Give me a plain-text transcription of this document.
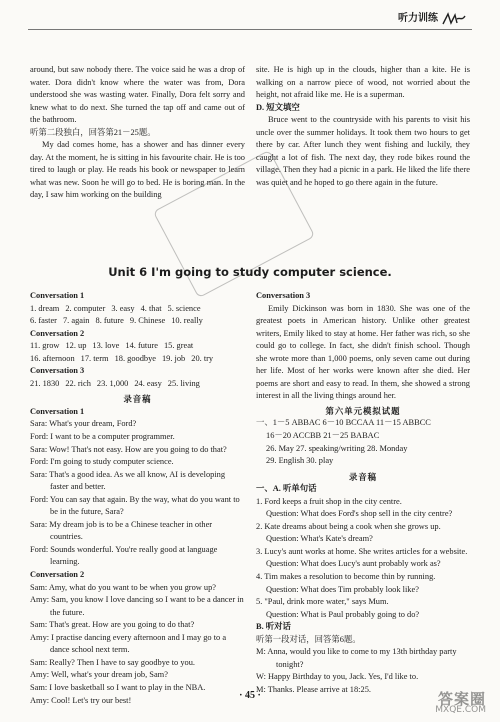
听力训练

around, but saw nobody there. The voice said he was a drop of water. Dora didn't know where the water was from, Dora understood she was wasting water. Finally, Dora felt sorry and knew what to do next. She turned the tap off and came out of the bathroom.

听第二段独白，回答第21－25题。

My dad comes home, has a shower and has dinner every day. At the moment, he is sitting in his favourite chair. He is too tired to laugh or play. He reads his book or newspaper to learn what was new. Soon he will go to bed. He is boring man. In the day, I saw him working on the building

site. He is high up in the clouds, higher than a kite. He is walking on a narrow piece of wood, not worried about the height, not afraid like me. He is a superman.

D. 短文填空

Bruce went to the countryside with his parents to visit his uncle over the summer holidays. It took them two hours to get there by car. After lunch they went fishing and luckily, they caught a lot of fish. The next day, they rode bikes round the village. Then they had a picnic in a park. He liked the life there was quiet and he hoped to go there again in the future.

Unit 6 I'm going to study computer science.

Conversation 1

1. dream 2. computer 3. easy 4. that 5. science
6. faster 7. again 8. future 9. Chinese 10. really

Conversation 2

11. grow 12. up 13. love 14. future 15. great
16. afternoon 17. term 18. goodbye 19. job 20. try

Conversation 3

21. 1830 22. rich 23. 1,000 24. easy 25. living

录音稿

Conversation 1

Sara: What's your dream, Ford?

Ford: I want to be a computer programmer.

Sara: Wow! That's not easy. How are you going to do that?

Ford: I'm going to study computer science.

Sara: That's a good idea. As we all know, AI is developing faster and better.

Ford: You can say that again. By the way, what do you want to be in the future, Sara?

Sara: My dream job is to be a Chinese teacher in other countries.

Ford: Sounds wonderful. You're really good at language learning.

Conversation 2

Sam: Amy, what do you want to be when you grow up?

Amy: Sam, you know I love dancing so I want to be a dancer in the future.

Sam: That's great. How are you going to do that?

Amy: I practise dancing every afternoon and I may go to a dance school next term.

Sam: Really? Then I have to say goodbye to you.

Amy: Well, what's your dream job, Sam?

Sam: I love basketball so I want to play in the NBA.

Amy: Cool! Let's try our best!

Conversation 3

Emily Dickinson was born in 1830. She was one of the greatest poets in American history. Unlike other greatest writers, Emily liked to stay at home. Her father was rich, so she could go to college. In fact, she didn't finish school. Though she wrote more than 1,000 poems, only seven came out during her life. Most of her works were known after she died. Her poems are short and easy to read. In them, she showed a strong interest in all the living things around her.

第六单元模拟试题

一、1－5 ABBAC 6－10 BCCAA 11－15 ABBCC

16－20 ACCBB 21－25 BABAC

26. May 27. speaking/writing 28. Monday

29. English 30. play

录音稿

一、A. 听单句话

1. Ford keeps a fruit shop in the city centre.

Question: What does Ford's shop sell in the city centre?

2. Kate dreams about being a cook when she grows up.

Question: What's Kate's dream?

3. Lucy's aunt works at home. She writes articles for a website.

Question: What does Lucy's aunt probably work as?

4. Tim makes a resolution to become thin by running.

Question: What does Tim probably look like?

5. "Paul, drink more water," says Mum.

Question: What is Paul probably going to do?

B. 听对话

听第一段对话，回答第6题。

M: Anna, would you like to come to my 13th birthday party tonight?

W: Happy Birthday to you, Jack. Yes, I'd like to.

M: Thanks. Please arrive at 18:25.

· 45 ·	答案圈
MXQE.COM
